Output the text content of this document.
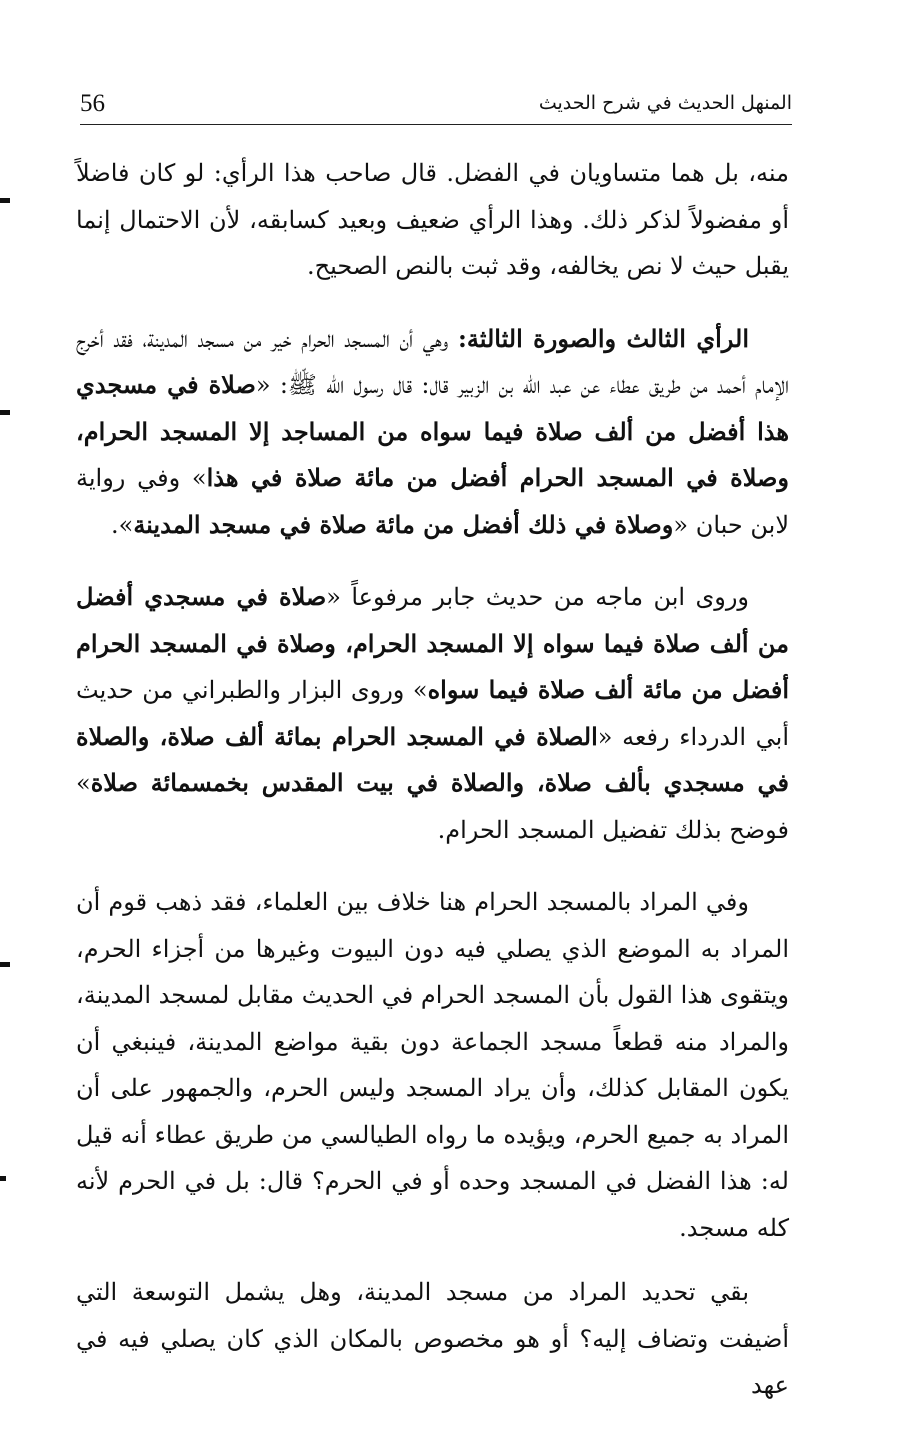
56	المنهل الحديث في شرح الحديث

منه، بل هما متساويان في الفضل. قال صاحب هذا الرأي: لو كان فاضلاً أو مفضولاً لذكر ذلك. وهذا الرأي ضعيف وبعيد كسابقه، لأن الاحتمال إنما يقبل حيث لا نص يخالفه، وقد ثبت بالنص الصحيح.

الرأي الثالث والصورة الثالثة: وهي أن المسجد الحرام خير من مسجد المدينة، فقد أخرج الإمام أحمد من طريق عطاء عن عبد الله بن الزبير قال: قال رسول الله ﷺ: «صلاة في مسجدي هذا أفضل من ألف صلاة فيما سواه من المساجد إلا المسجد الحرام، وصلاة في المسجد الحرام أفضل من مائة صلاة في هذا» وفي رواية لابن حبان «وصلاة في ذلك أفضل من مائة صلاة في مسجد المدينة».

وروى ابن ماجه من حديث جابر مرفوعاً «صلاة في مسجدي أفضل من ألف صلاة فيما سواه إلا المسجد الحرام، وصلاة في المسجد الحرام أفضل من مائة ألف صلاة فيما سواه» وروى البزار والطبراني من حديث أبي الدرداء رفعه «الصلاة في المسجد الحرام بمائة ألف صلاة، والصلاة في مسجدي بألف صلاة، والصلاة في بيت المقدس بخمسمائة صلاة» فوضح بذلك تفضيل المسجد الحرام.

وفي المراد بالمسجد الحرام هنا خلاف بين العلماء، فقد ذهب قوم أن المراد به الموضع الذي يصلي فيه دون البيوت وغيرها من أجزاء الحرم، ويتقوى هذا القول بأن المسجد الحرام في الحديث مقابل لمسجد المدينة، والمراد منه قطعاً مسجد الجماعة دون بقية مواضع المدينة، فينبغي أن يكون المقابل كذلك، وأن يراد المسجد وليس الحرم، والجمهور على أن المراد به جميع الحرم، ويؤيده ما رواه الطيالسي من طريق عطاء أنه قيل له: هذا الفضل في المسجد وحده أو في الحرم؟ قال: بل في الحرم لأنه كله مسجد.

بقي تحديد المراد من مسجد المدينة، وهل يشمل التوسعة التي أضيفت وتضاف إليه؟ أو هو مخصوص بالمكان الذي كان يصلي فيه في عهد
